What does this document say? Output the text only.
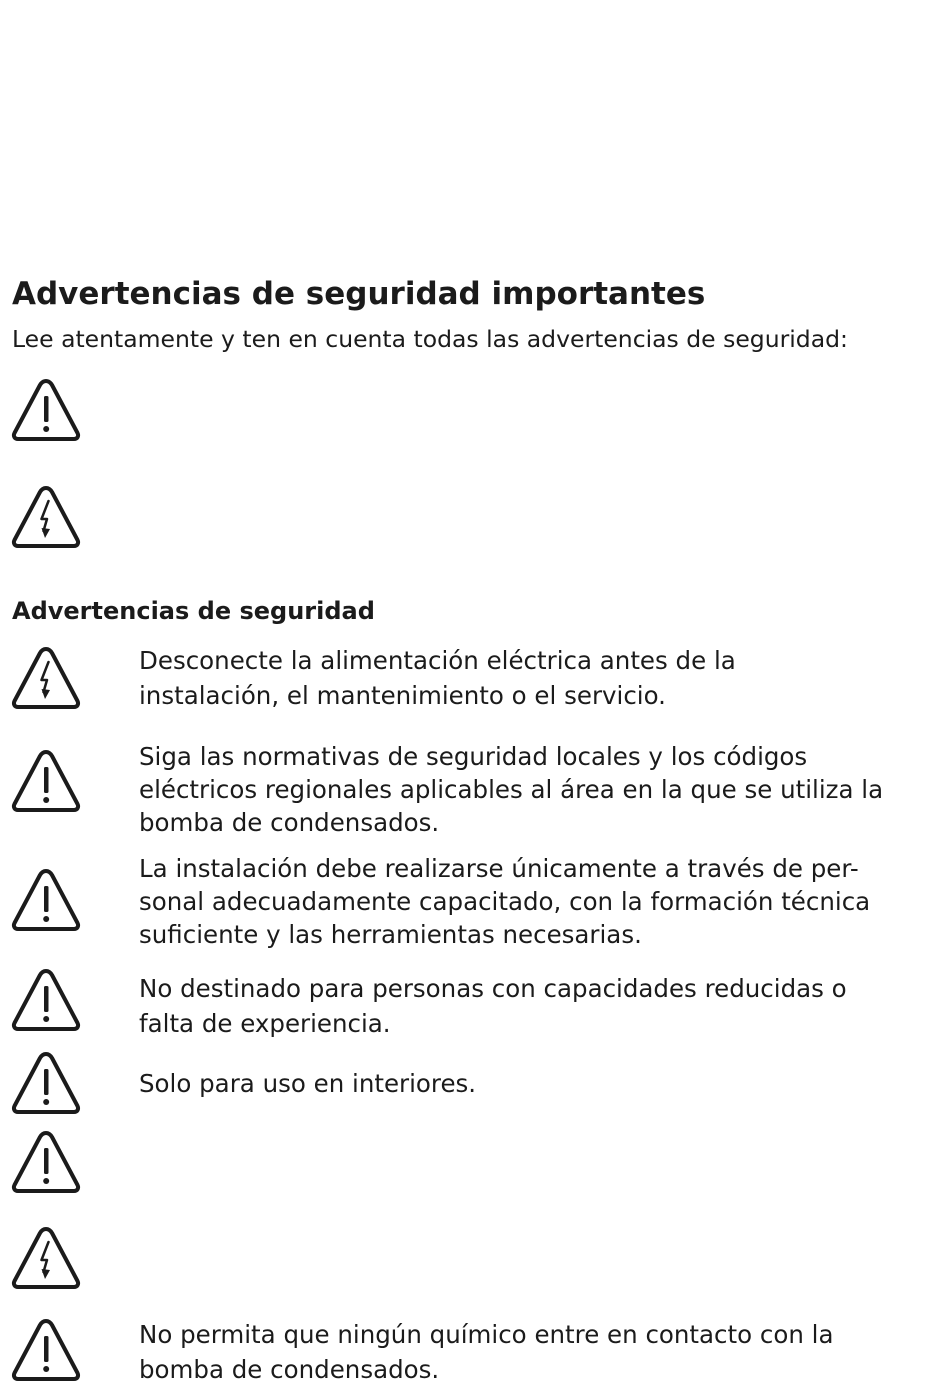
Advertencias de seguridad importantes

Lee atentamente y ten en cuenta todas las advertencias de seguridad:

Advertencias de seguridad

Desconecte la alimentación eléctrica antes de la
instalación, el mantenimiento o el servicio.

Siga las normativas de seguridad locales y los códigos
eléctricos regionales aplicables al área en la que se utiliza la
bomba de condensados.

La instalación debe realizarse únicamente a través de per-
sonal adecuadamente capacitado, con la formación técnica
suficiente y las herramientas necesarias.

No destinado para personas con capacidades reducidas o
falta de experiencia.

Solo para uso en interiores.

No permita que ningún químico entre en contacto con la
bomba de condensados.
